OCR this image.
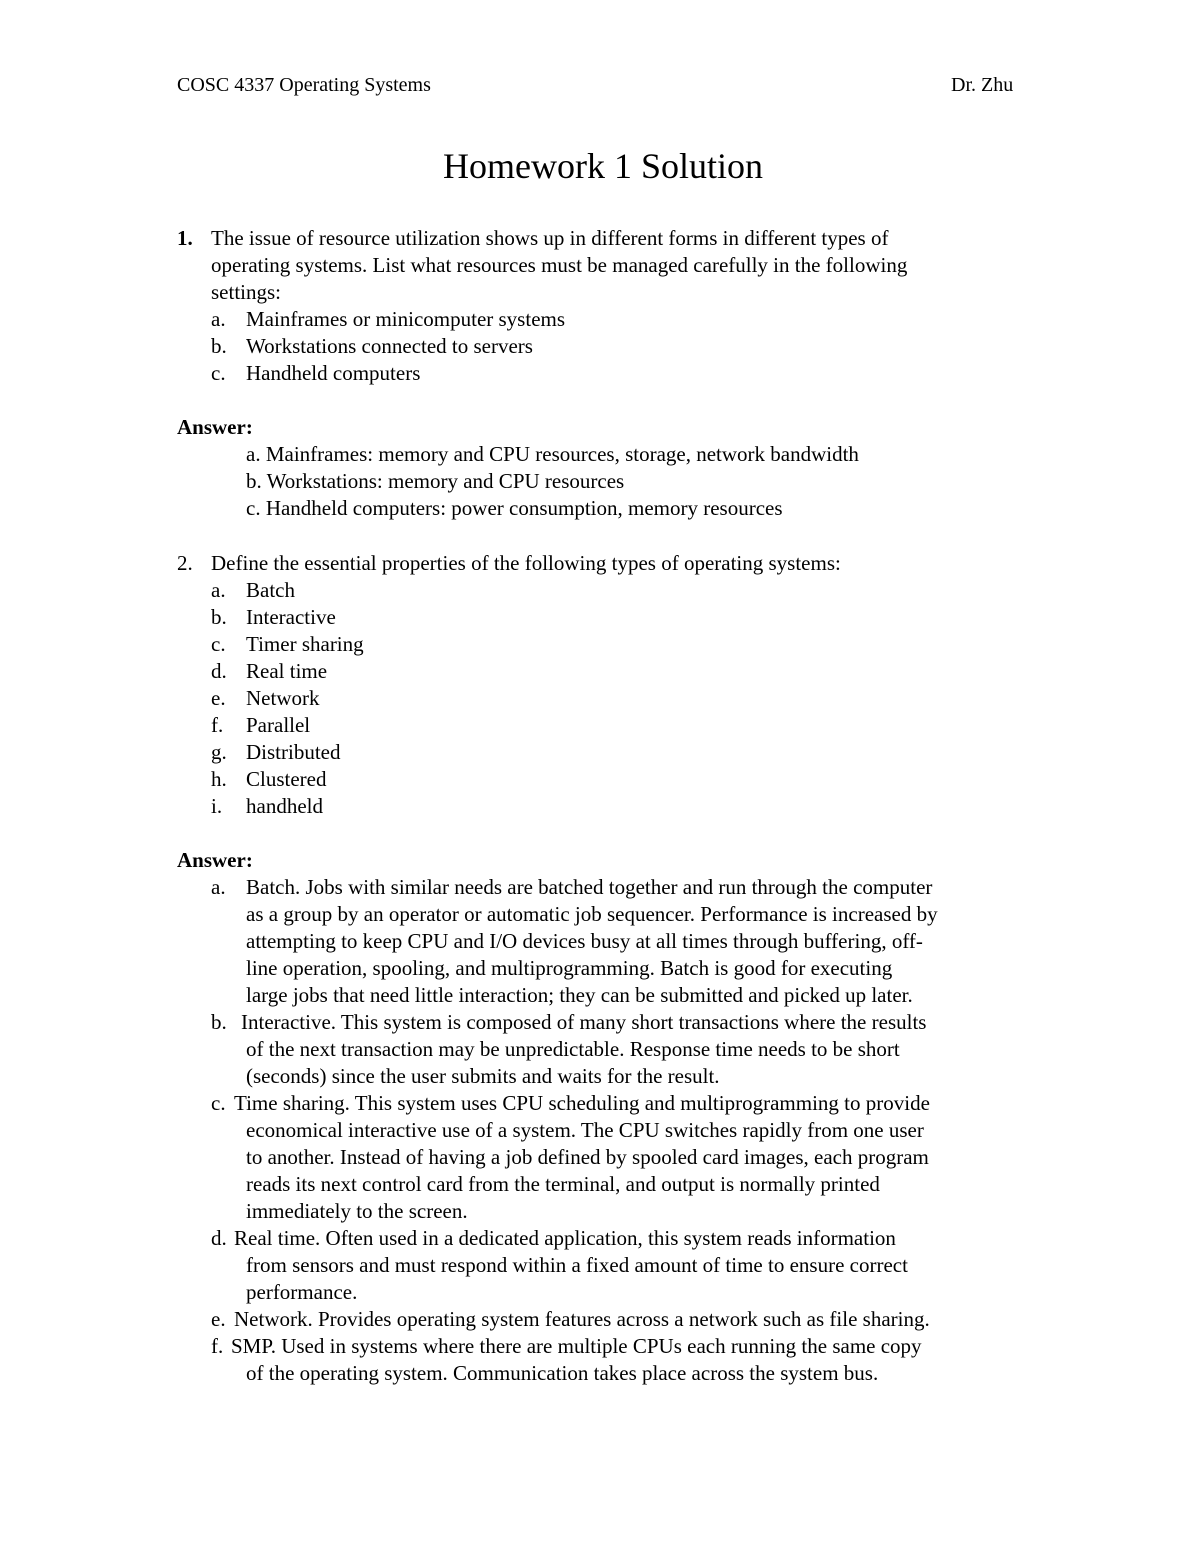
COSC 4337 Operating Systems	Dr. Zhu
Homework 1 Solution
1. The issue of resource utilization shows up in different forms in different types of
operating systems. List what resources must be managed carefully in the following
settings:
a. Mainframes or minicomputer systems
b. Workstations connected to servers
c. Handheld computers
Answer:
a. Mainframes: memory and CPU resources, storage, network bandwidth
b. Workstations: memory and CPU resources
c. Handheld computers: power consumption, memory resources
2. Define the essential properties of the following types of operating systems:
a. Batch
b. Interactive
c. Timer sharing
d. Real time
e. Network
f. Parallel
g. Distributed
h. Clustered
i. handheld
Answer:
a. Batch. Jobs with similar needs are batched together and run through the computer
as a group by an operator or automatic job sequencer. Performance is increased by
attempting to keep CPU and I/O devices busy at all times through buffering, off-
line operation, spooling, and multiprogramming. Batch is good for executing
large jobs that need little interaction; they can be submitted and picked up later.
b. Interactive. This system is composed of many short transactions where the results
of the next transaction may be unpredictable. Response time needs to be short
(seconds) since the user submits and waits for the result.
c. Time sharing. This system uses CPU scheduling and multiprogramming to provide
economical interactive use of a system. The CPU switches rapidly from one user
to another. Instead of having a job defined by spooled card images, each program
reads its next control card from the terminal, and output is normally printed
immediately to the screen.
d. Real time. Often used in a dedicated application, this system reads information
from sensors and must respond within a fixed amount of time to ensure correct
performance.
e. Network. Provides operating system features across a network such as file sharing.
f. SMP. Used in systems where there are multiple CPUs each running the same copy
of the operating system. Communication takes place across the system bus.
